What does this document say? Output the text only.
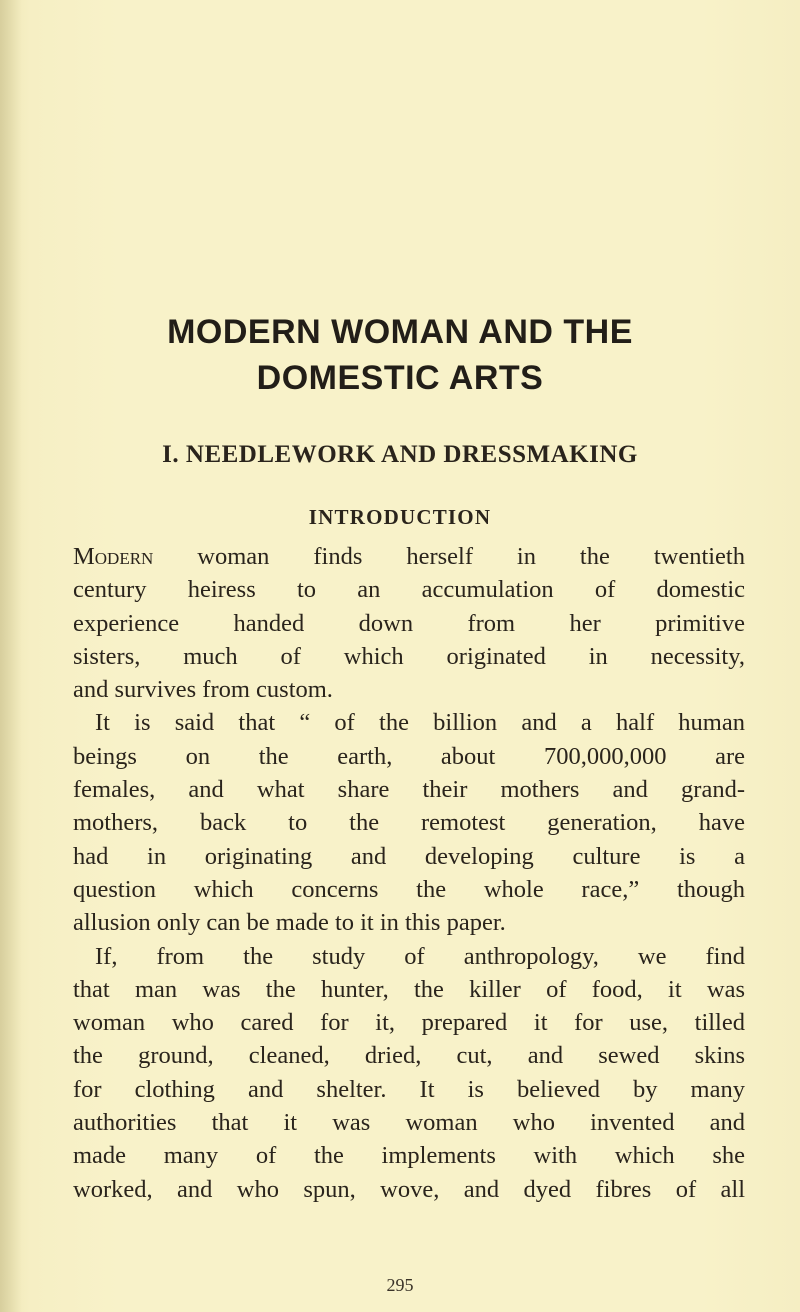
MODERN WOMAN AND THE
DOMESTIC ARTS
I. NEEDLEWORK AND DRESSMAKING
INTRODUCTION
Modern woman finds herself in the twentieth
century heiress to an accumulation of domestic
experience handed down from her primitive
sisters, much of which originated in necessity,
and survives from custom.
It is said that “ of the billion and a half human
beings on the earth, about 700,000,000 are
females, and what share their mothers and grand-
mothers, back to the remotest generation, have
had in originating and developing culture is a
question which concerns the whole race,” though
allusion only can be made to it in this paper.
If, from the study of anthropology, we find
that man was the hunter, the killer of food, it was
woman who cared for it, prepared it for use, tilled
the ground, cleaned, dried, cut, and sewed skins
for clothing and shelter. It is believed by many
authorities that it was woman who invented and
made many of the implements with which she
worked, and who spun, wove, and dyed fibres of all

295
